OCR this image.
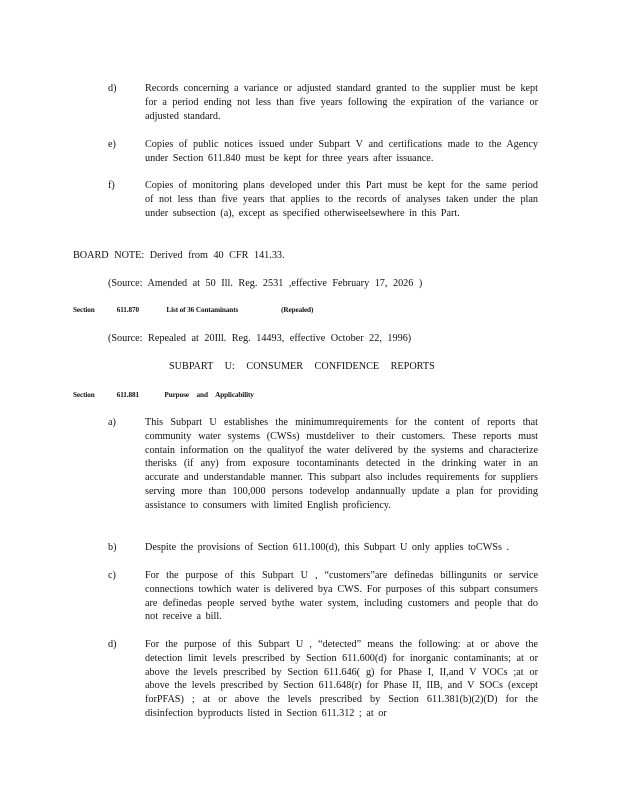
d)	Records concerning a variance or adjusted standard granted to the supplier must be kept for a period ending not less than five years following the expiration of the variance or adjusted standard.
e)	Copies of public notices issued under Subpart V and certifications made to the Agency under Section 611.840 must be kept for three years after issuance.
f)	Copies of monitoring plans developed under this Part must be kept for the same period of not less than five years that applies to the records of analyses taken under the plan under subsection (a), except as specified otherwiseelsewhere in this Part.
BOARD NOTE: Derived from 40 CFR 141.33.
(Source: Amended at 50 Ill. Reg. 2531 ,effective February 17, 2026 )
Section	611.870	List of 36 Contaminants	(Repealed)
(Source: Repealed at 20Ill. Reg. 14493, effective October 22, 1996)
SUBPART U: CONSUMER CONFIDENCE REPORTS
Section	611.881	Purpose and Applicability
a)	This Subpart U establishes the minimumrequirements for the content of reports that community water systems (CWSs) mustdeliver to their customers. These reports must contain information on the qualityof the water delivered by the systems and characterize therisks (if any) from exposure tocontaminants detected in the drinking water in an accurate and understandable manner. This subpart also includes requirements for suppliers serving more than 100,000 persons todevelop andannually update a plan for providing assistance to consumers with limited English proficiency.
b)	Despite the provisions of Section 611.100(d), this Subpart U only applies toCWSs .
c)	For the purpose of this Subpart U , “customers”are definedas billingunits or service connections towhich water is delivered bya CWS. For purposes of this subpart consumers are definedas people served bythe water system, including customers and people that do not receive a bill.
d)	For the purpose of this Subpart U , “detected” means the following: at or above the detection limit levels prescribed by Section 611.600(d) for inorganic contaminants; at or above the levels prescribed by Section 611.646( g) for Phase I, II,and V VOCs ;at or above the levels prescribed by Section 611.648(r) for Phase II, IIB, and V SOCs (except forPFAS) ; at or above the levels prescribed by Section 611.381(b)(2)(D) for the disinfection byproducts listed in Section 611.312 ; at or
